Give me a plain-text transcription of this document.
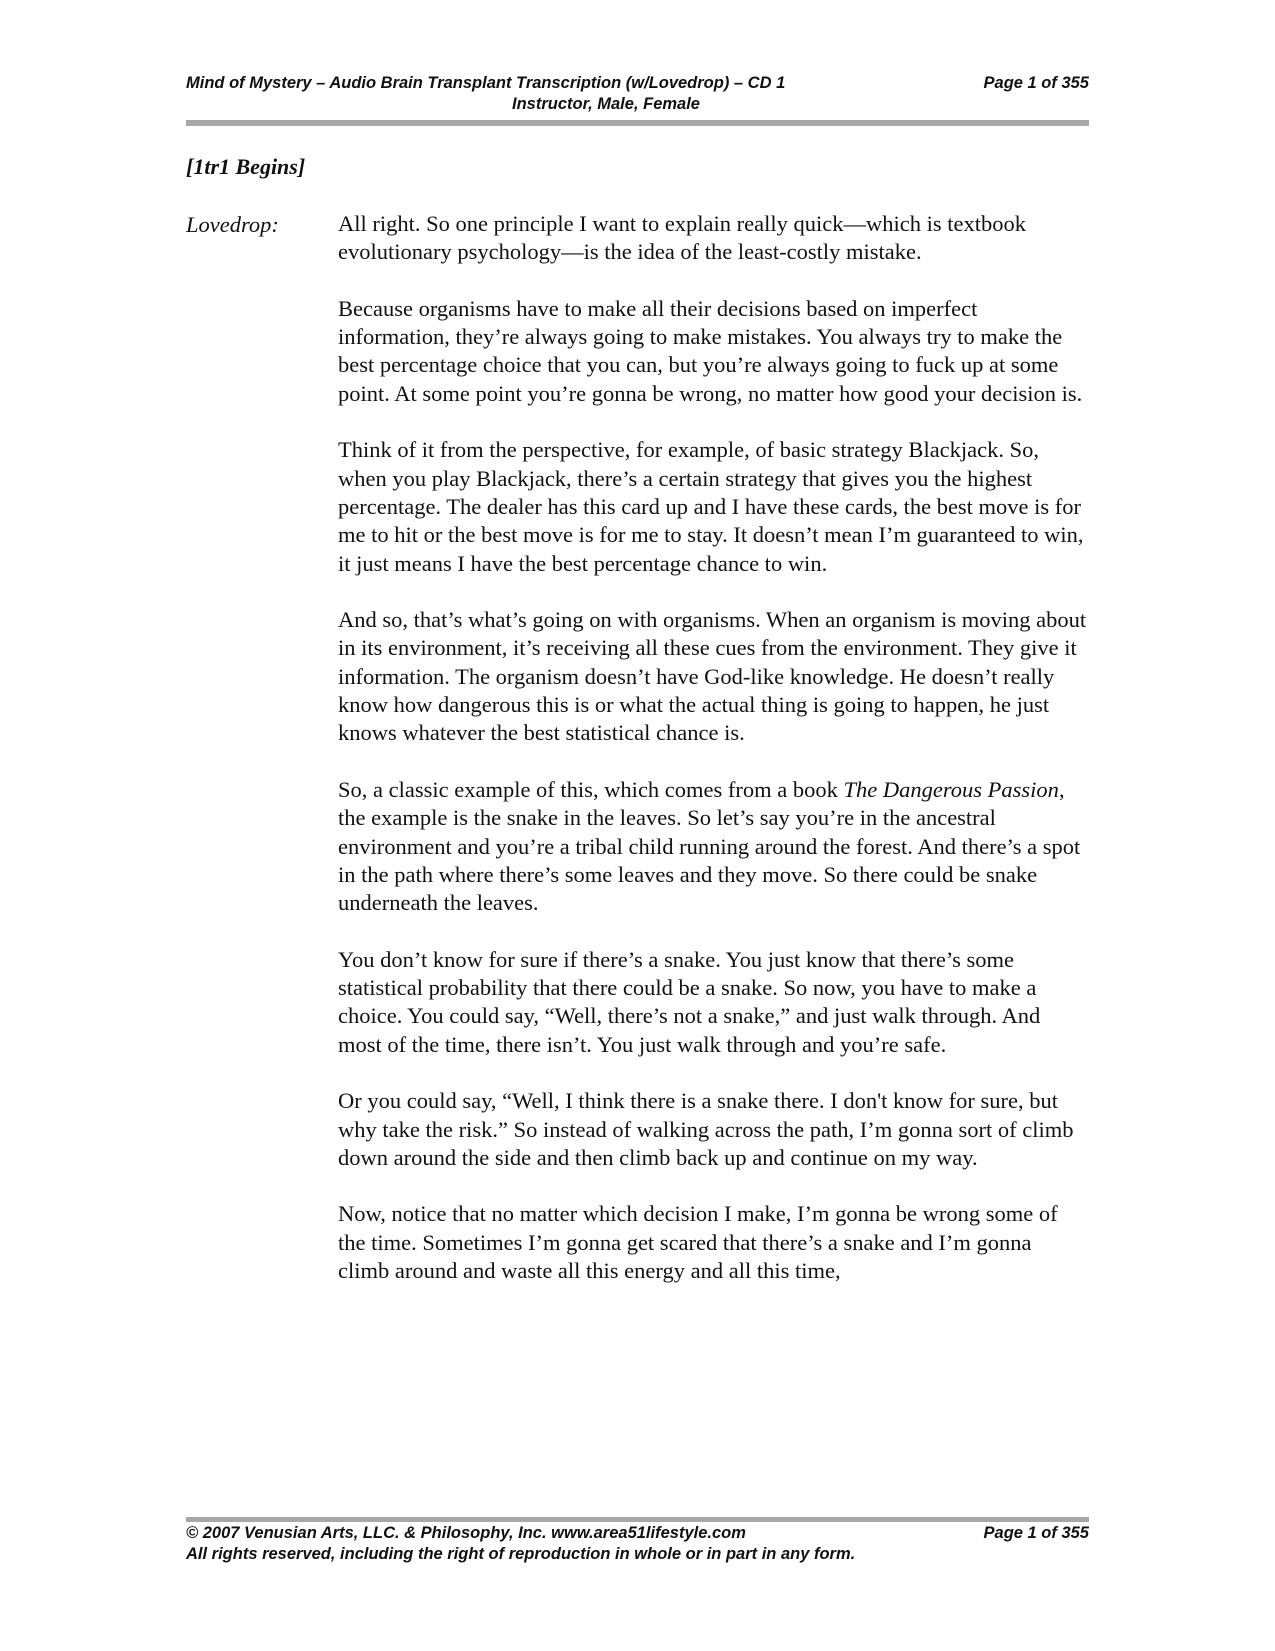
Mind of Mystery – Audio Brain Transplant Transcription (w/Lovedrop) – CD 1	Page 1 of 355
Instructor, Male, Female
[1tr1 Begins]
Lovedrop:	All right. So one principle I want to explain really quick—which is textbook evolutionary psychology—is the idea of the least-costly mistake.

Because organisms have to make all their decisions based on imperfect information, they’re always going to make mistakes. You always try to make the best percentage choice that you can, but you’re always going to fuck up at some point. At some point you’re gonna be wrong, no matter how good your decision is.

Think of it from the perspective, for example, of basic strategy Blackjack. So, when you play Blackjack, there’s a certain strategy that gives you the highest percentage. The dealer has this card up and I have these cards, the best move is for me to hit or the best move is for me to stay. It doesn’t mean I’m guaranteed to win, it just means I have the best percentage chance to win.

And so, that’s what’s going on with organisms. When an organism is moving about in its environment, it’s receiving all these cues from the environment. They give it information. The organism doesn’t have God-like knowledge. He doesn’t really know how dangerous this is or what the actual thing is going to happen, he just knows whatever the best statistical chance is.

So, a classic example of this, which comes from a book The Dangerous Passion, the example is the snake in the leaves. So let’s say you’re in the ancestral environment and you’re a tribal child running around the forest. And there’s a spot in the path where there’s some leaves and they move. So there could be snake underneath the leaves.

You don’t know for sure if there’s a snake. You just know that there’s some statistical probability that there could be a snake. So now, you have to make a choice. You could say, “Well, there’s not a snake,” and just walk through. And most of the time, there isn’t. You just walk through and you’re safe.

Or you could say, “Well, I think there is a snake there. I don't know for sure, but why take the risk.” So instead of walking across the path, I’m gonna sort of climb down around the side and then climb back up and continue on my way.

Now, notice that no matter which decision I make, I’m gonna be wrong some of the time. Sometimes I’m gonna get scared that there’s a snake and I’m gonna climb around and waste all this energy and all this time,

© 2007 Venusian Arts, LLC. & Philosophy, Inc. www.area51lifestyle.com	Page 1 of 355
All rights reserved, including the right of reproduction in whole or in part in any form.
